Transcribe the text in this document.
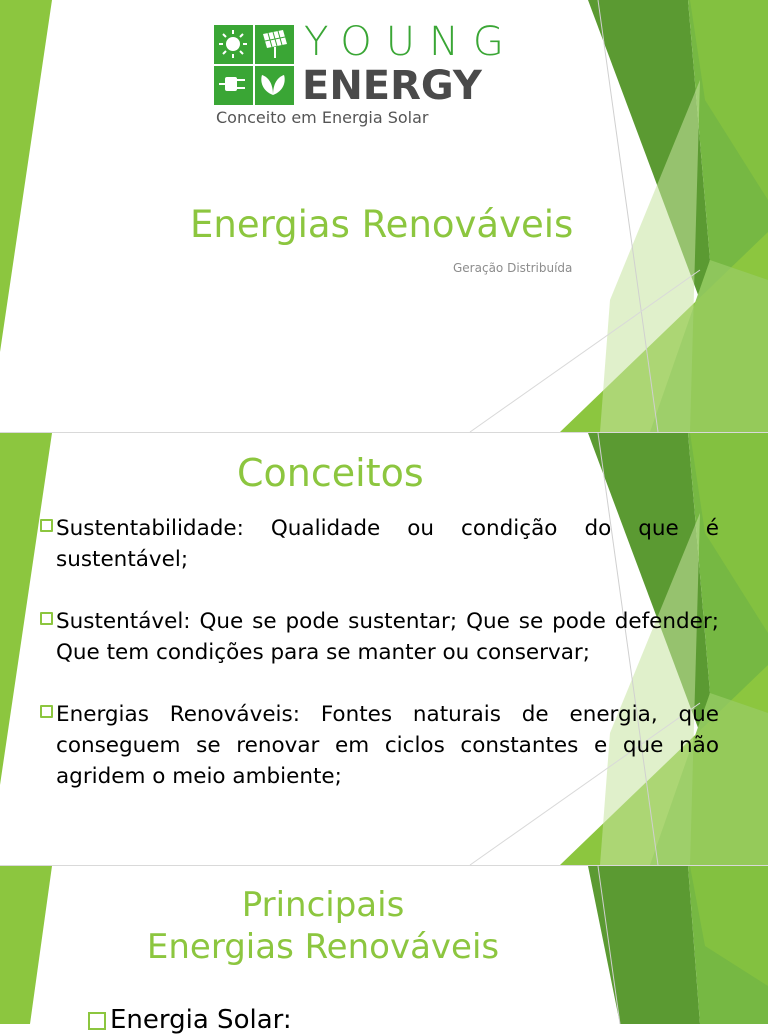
YOUNG
ENERGY
Conceito em Energia Solar
Energias Renováveis
Geração Distribuída
Conceitos
Sustentabilidade: Qualidade ou condição do que é sustentável;
Sustentável: Que se pode sustentar; Que se pode defender; Que tem condições para se manter ou conservar;
Energias Renováveis: Fontes naturais de energia, que conseguem se renovar em ciclos constantes e que não agridem o meio ambiente;
Principais
Energias Renováveis
Energia Solar:
